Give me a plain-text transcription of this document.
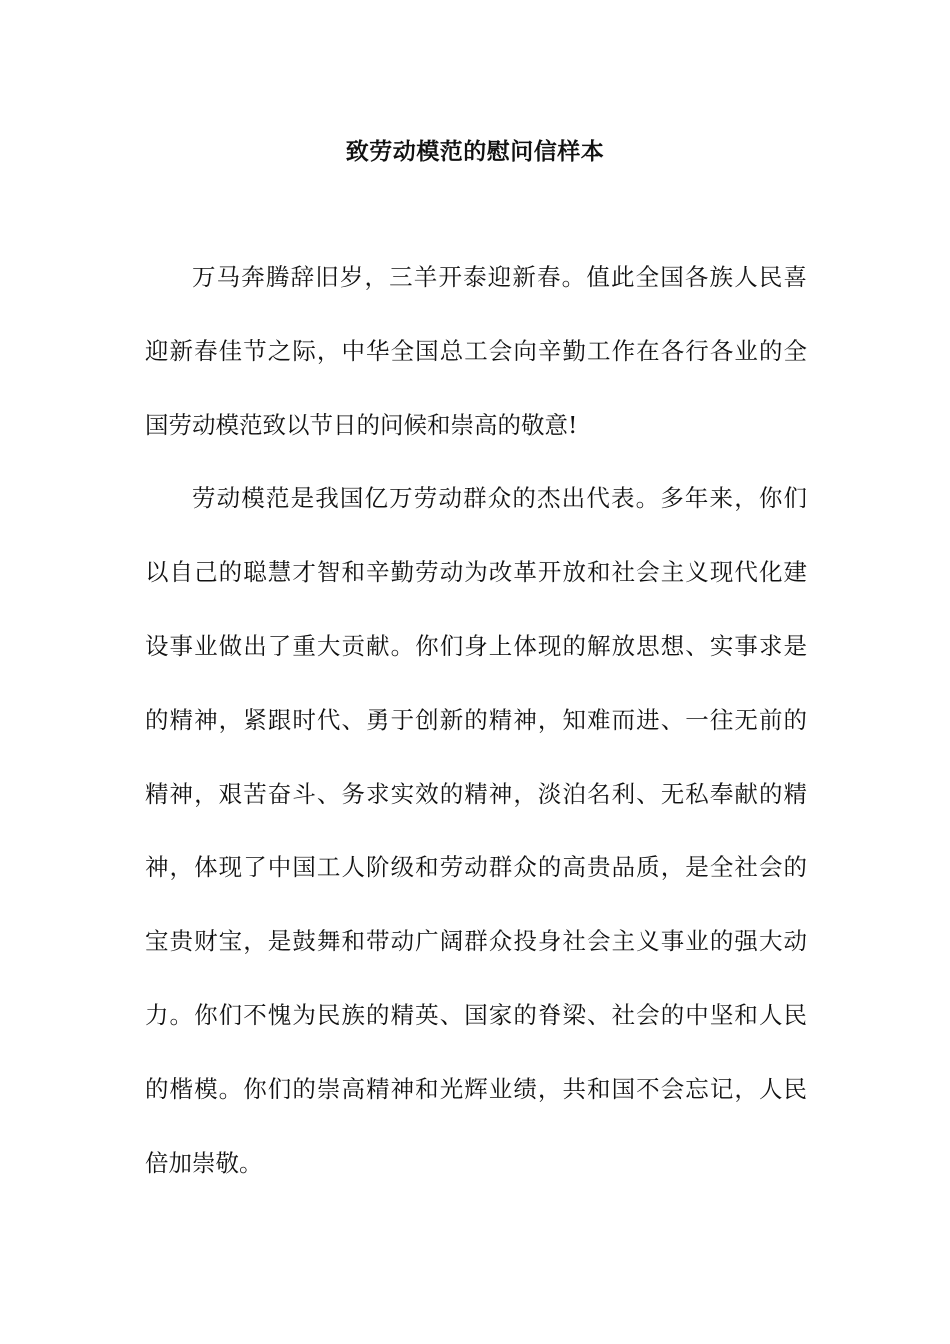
致劳动模范的慰问信样本
万马奔腾辞旧岁，三羊开泰迎新春。值此全国各族人民喜
迎新春佳节之际，中华全国总工会向辛勤工作在各行各业的全
国劳动模范致以节日的问候和崇高的敬意!
劳动模范是我国亿万劳动群众的杰出代表。多年来，你们
以自己的聪慧才智和辛勤劳动为改革开放和社会主义现代化建
设事业做出了重大贡献。你们身上体现的解放思想、实事求是
的精神，紧跟时代、勇于创新的精神，知难而进、一往无前的
精神，艰苦奋斗、务求实效的精神，淡泊名利、无私奉献的精
神，体现了中国工人阶级和劳动群众的高贵品质，是全社会的
宝贵财宝，是鼓舞和带动广阔群众投身社会主义事业的强大动
力。你们不愧为民族的精英、国家的脊梁、社会的中坚和人民
的楷模。你们的崇高精神和光辉业绩，共和国不会忘记，人民
倍加崇敬。
